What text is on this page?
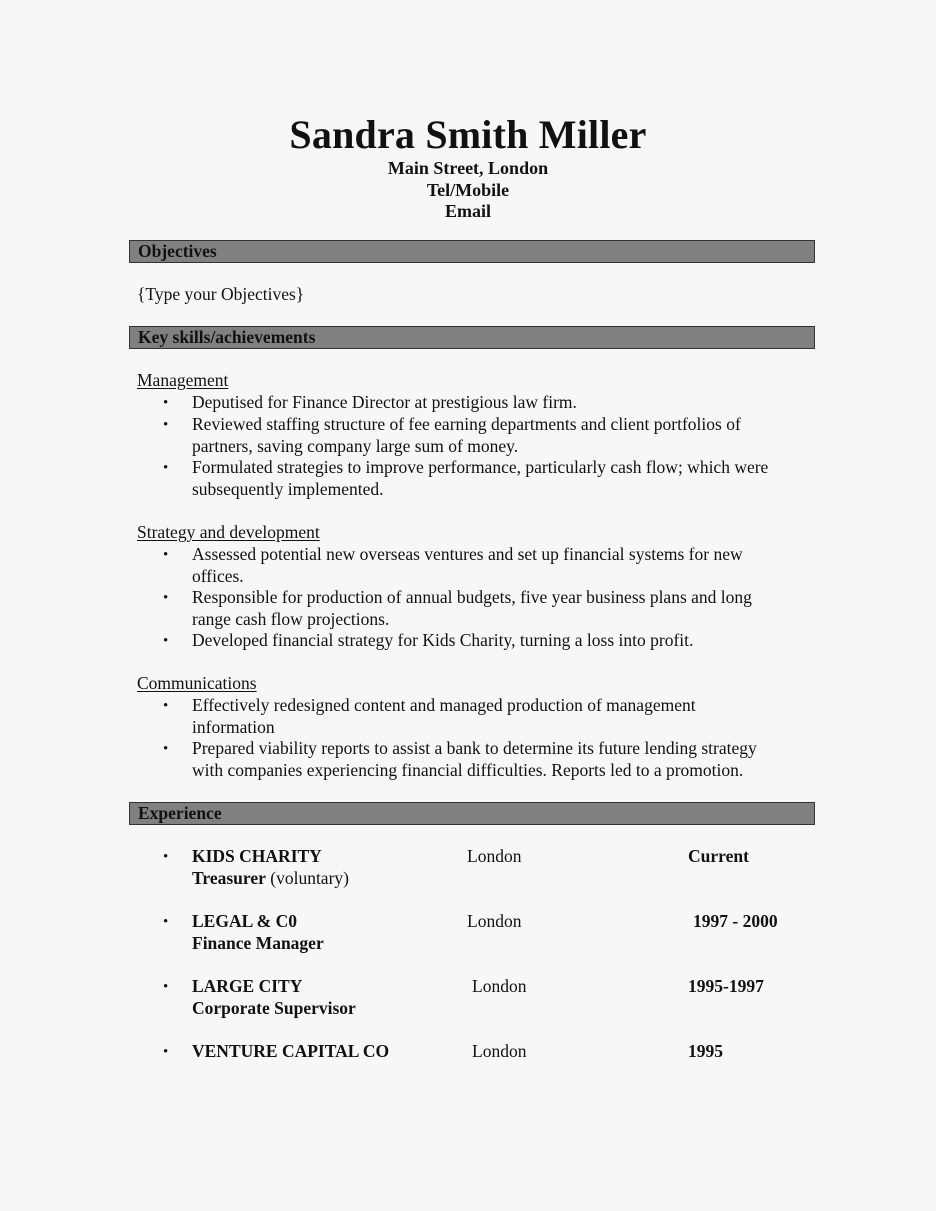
Sandra Smith Miller
Main Street, London
Tel/Mobile
Email
Objectives
{Type your Objectives}
Key skills/achievements
Management
• Deputised for Finance Director at prestigious law firm.
• Reviewed staffing structure of fee earning departments and client portfolios of partners, saving company large sum of money.
• Formulated strategies to improve performance, particularly cash flow; which were subsequently implemented.
Strategy and development
• Assessed potential new overseas ventures and set up financial systems for new offices.
• Responsible for production of annual budgets, five year business plans and long range cash flow projections.
• Developed financial strategy for Kids Charity, turning a loss into profit.
Communications
• Effectively redesigned content and managed production of management information
• Prepared viability reports to assist a bank to determine its future lending strategy with companies experiencing financial difficulties. Reports led to a promotion.
Experience
• KIDS CHARITY	London	Current
Treasurer (voluntary)
• LEGAL & C0	London	1997 - 2000
Finance Manager
• LARGE CITY	London	1995-1997
Corporate Supervisor
• VENTURE CAPITAL CO	London	1995
